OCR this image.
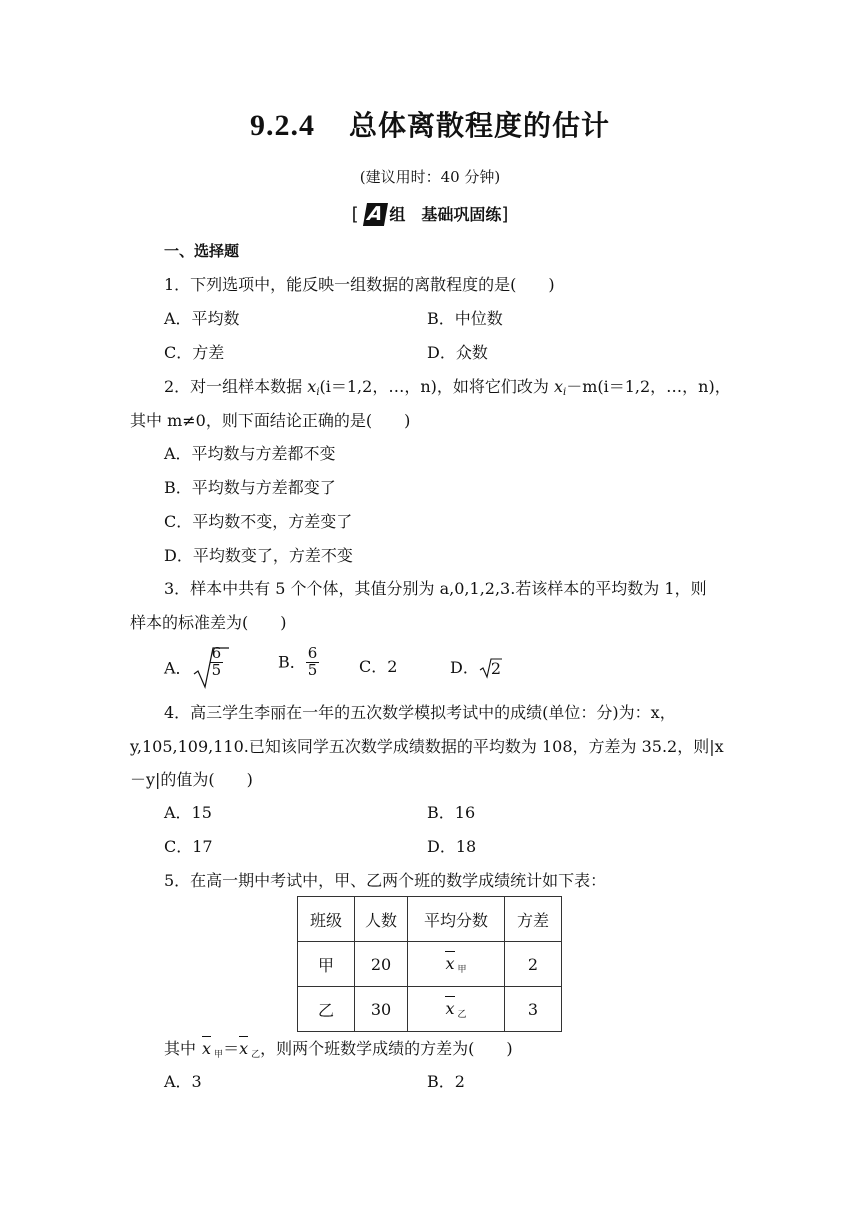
9.2.4 总体离散程度的估计
(建议用时：40 分钟)
[ A 组　基础巩固练]
一、选择题
1．下列选项中，能反映一组数据的离散程度的是(　　)
A．平均数	B．中位数
C．方差	D．众数
2．对一组样本数据 $x_i(i=1,2$，…，n)，如将它们改为 $x_i-m(i=1,2$，…，n)，
其中 m≠0，则下面结论正确的是(　　)
A．平均数与方差都不变
B．平均数与方差都变了
C．平均数不变，方差变了
D．平均数变了，方差不变
3．样本中共有 5 个个体，其值分别为 a,0,1,2,3.若该样本的平均数为 1，则
样本的标准差为(　　)
A． $\frac{6}{5}$	B． $\frac{6}{5}$ C．2	D． 2
4．高三学生李丽在一年的五次数学模拟考试中的成绩(单位：分)为：x，
y,105,109,110.已知该同学五次数学成绩数据的平均数为 108，方差为 35.2，则|x
－y|的值为(　　)
A．15	B．16
C．17	D．18
5．在高一期中考试中，甲、乙两个班的数学成绩统计如下表：
班级	人数	平均分数	方差
甲	20	x 甲	2
乙	30	x 乙	3
其中 x 甲＝x 乙，则两个班数学成绩的方差为(　　)
A．3	B．2
